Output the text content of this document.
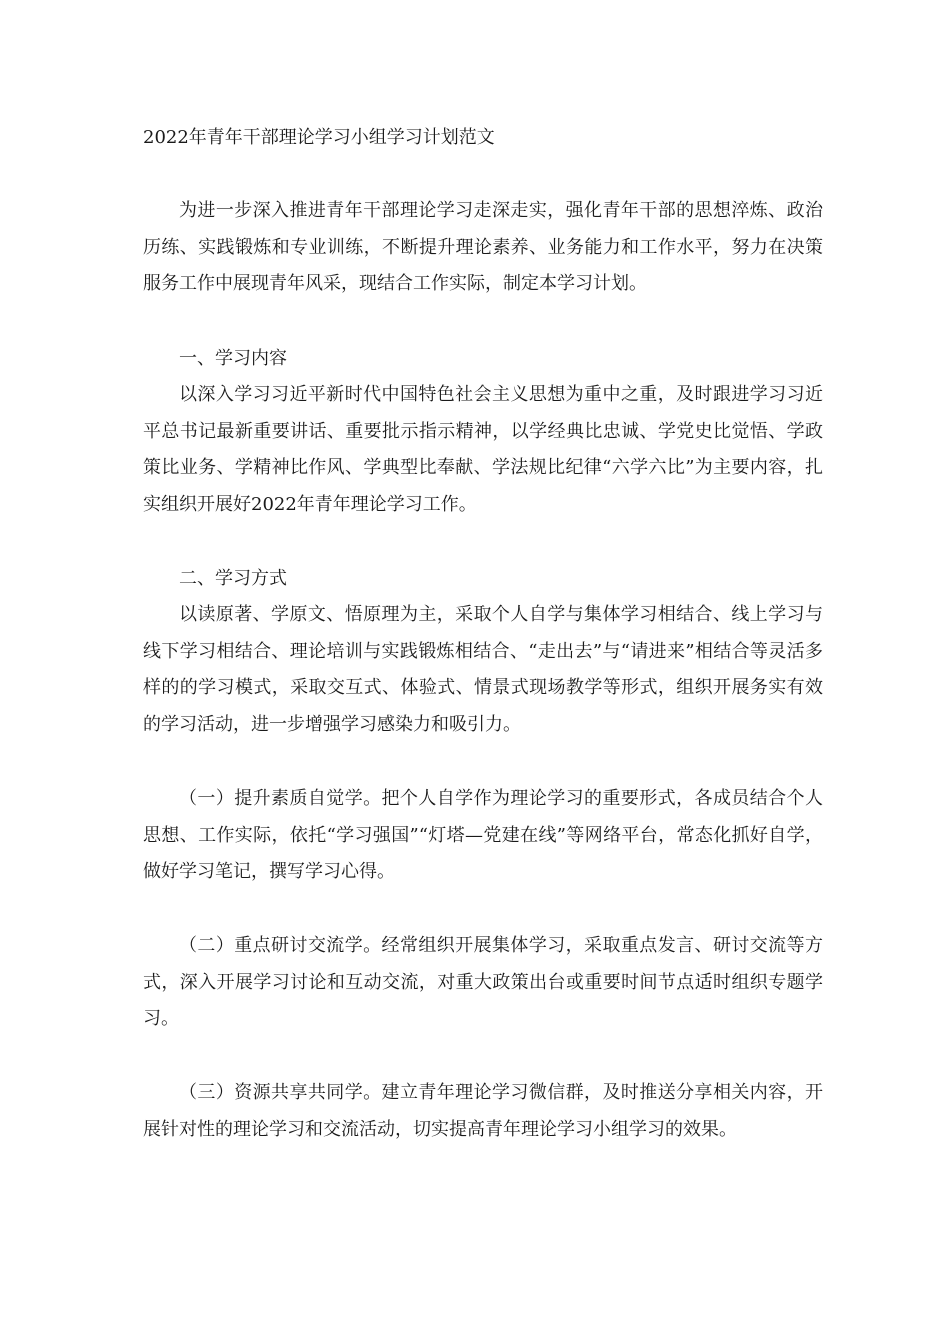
2022年青年干部理论学习小组学习计划范文

为进一步深入推进青年干部理论学习走深走实，强化青年干部的思想淬炼、政治历练、实践锻炼和专业训练，不断提升理论素养、业务能力和工作水平，努力在决策服务工作中展现青年风采，现结合工作实际，制定本学习计划。

一、学习内容

以深入学习习近平新时代中国特色社会主义思想为重中之重，及时跟进学习习近平总书记最新重要讲话、重要批示指示精神，以学经典比忠诚、学党史比觉悟、学政策比业务、学精神比作风、学典型比奉献、学法规比纪律“六学六比”为主要内容，扎实组织开展好2022年青年理论学习工作。

二、学习方式

以读原著、学原文、悟原理为主，采取个人自学与集体学习相结合、线上学习与线下学习相结合、理论培训与实践锻炼相结合、“走出去”与“请进来”相结合等灵活多样的的学习模式，采取交互式、体验式、情景式现场教学等形式，组织开展务实有效的学习活动，进一步增强学习感染力和吸引力。

（一）提升素质自觉学。把个人自学作为理论学习的重要形式，各成员结合个人思想、工作实际，依托“学习强国”“灯塔—党建在线”等网络平台，常态化抓好自学，做好学习笔记，撰写学习心得。

（二）重点研讨交流学。经常组织开展集体学习，采取重点发言、研讨交流等方式，深入开展学习讨论和互动交流，对重大政策出台或重要时间节点适时组织专题学习。

（三）资源共享共同学。建立青年理论学习微信群，及时推送分享相关内容，开展针对性的理论学习和交流活动，切实提高青年理论学习小组学习的效果。
